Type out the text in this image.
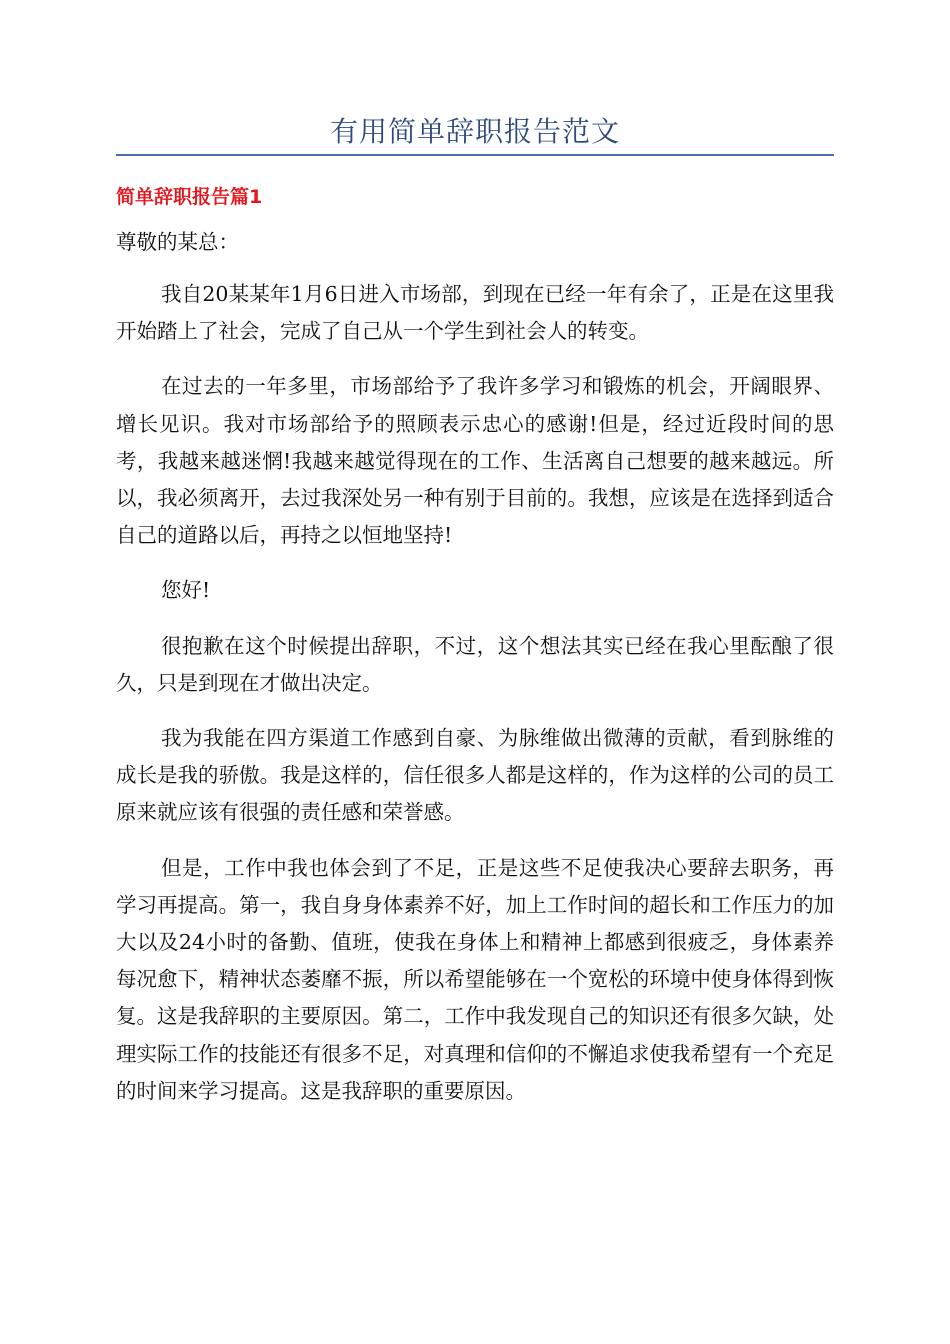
有用简单辞职报告范文
简单辞职报告篇1

尊敬的某总：

我自20某某年1月6日进入市场部，到现在已经一年有余了，正是在这里我开始踏上了社会，完成了自己从一个学生到社会人的转变。

在过去的一年多里，市场部给予了我许多学习和锻炼的机会，开阔眼界、增长见识。我对市场部给予的照顾表示忠心的感谢!但是，经过近段时间的思考，我越来越迷惘!我越来越觉得现在的工作、生活离自己想要的越来越远。所以，我必须离开，去过我深处另一种有别于目前的。我想，应该是在选择到适合自己的道路以后，再持之以恒地坚持!

您好!

很抱歉在这个时候提出辞职，不过，这个想法其实已经在我心里酝酿了很久，只是到现在才做出决定。

我为我能在四方渠道工作感到自豪、为脉维做出微薄的贡献，看到脉维的成长是我的骄傲。我是这样的，信任很多人都是这样的，作为这样的公司的员工原来就应该有很强的责任感和荣誉感。

但是，工作中我也体会到了不足，正是这些不足使我决心要辞去职务，再学习再提高。第一，我自身身体素养不好，加上工作时间的超长和工作压力的加大以及24小时的备勤、值班，使我在身体上和精神上都感到很疲乏，身体素养每况愈下，精神状态萎靡不振，所以希望能够在一个宽松的环境中使身体得到恢复。这是我辞职的主要原因。第二，工作中我发现自己的知识还有很多欠缺，处理实际工作的技能还有很多不足，对真理和信仰的不懈追求使我希望有一个充足的时间来学习提高。这是我辞职的重要原因。
